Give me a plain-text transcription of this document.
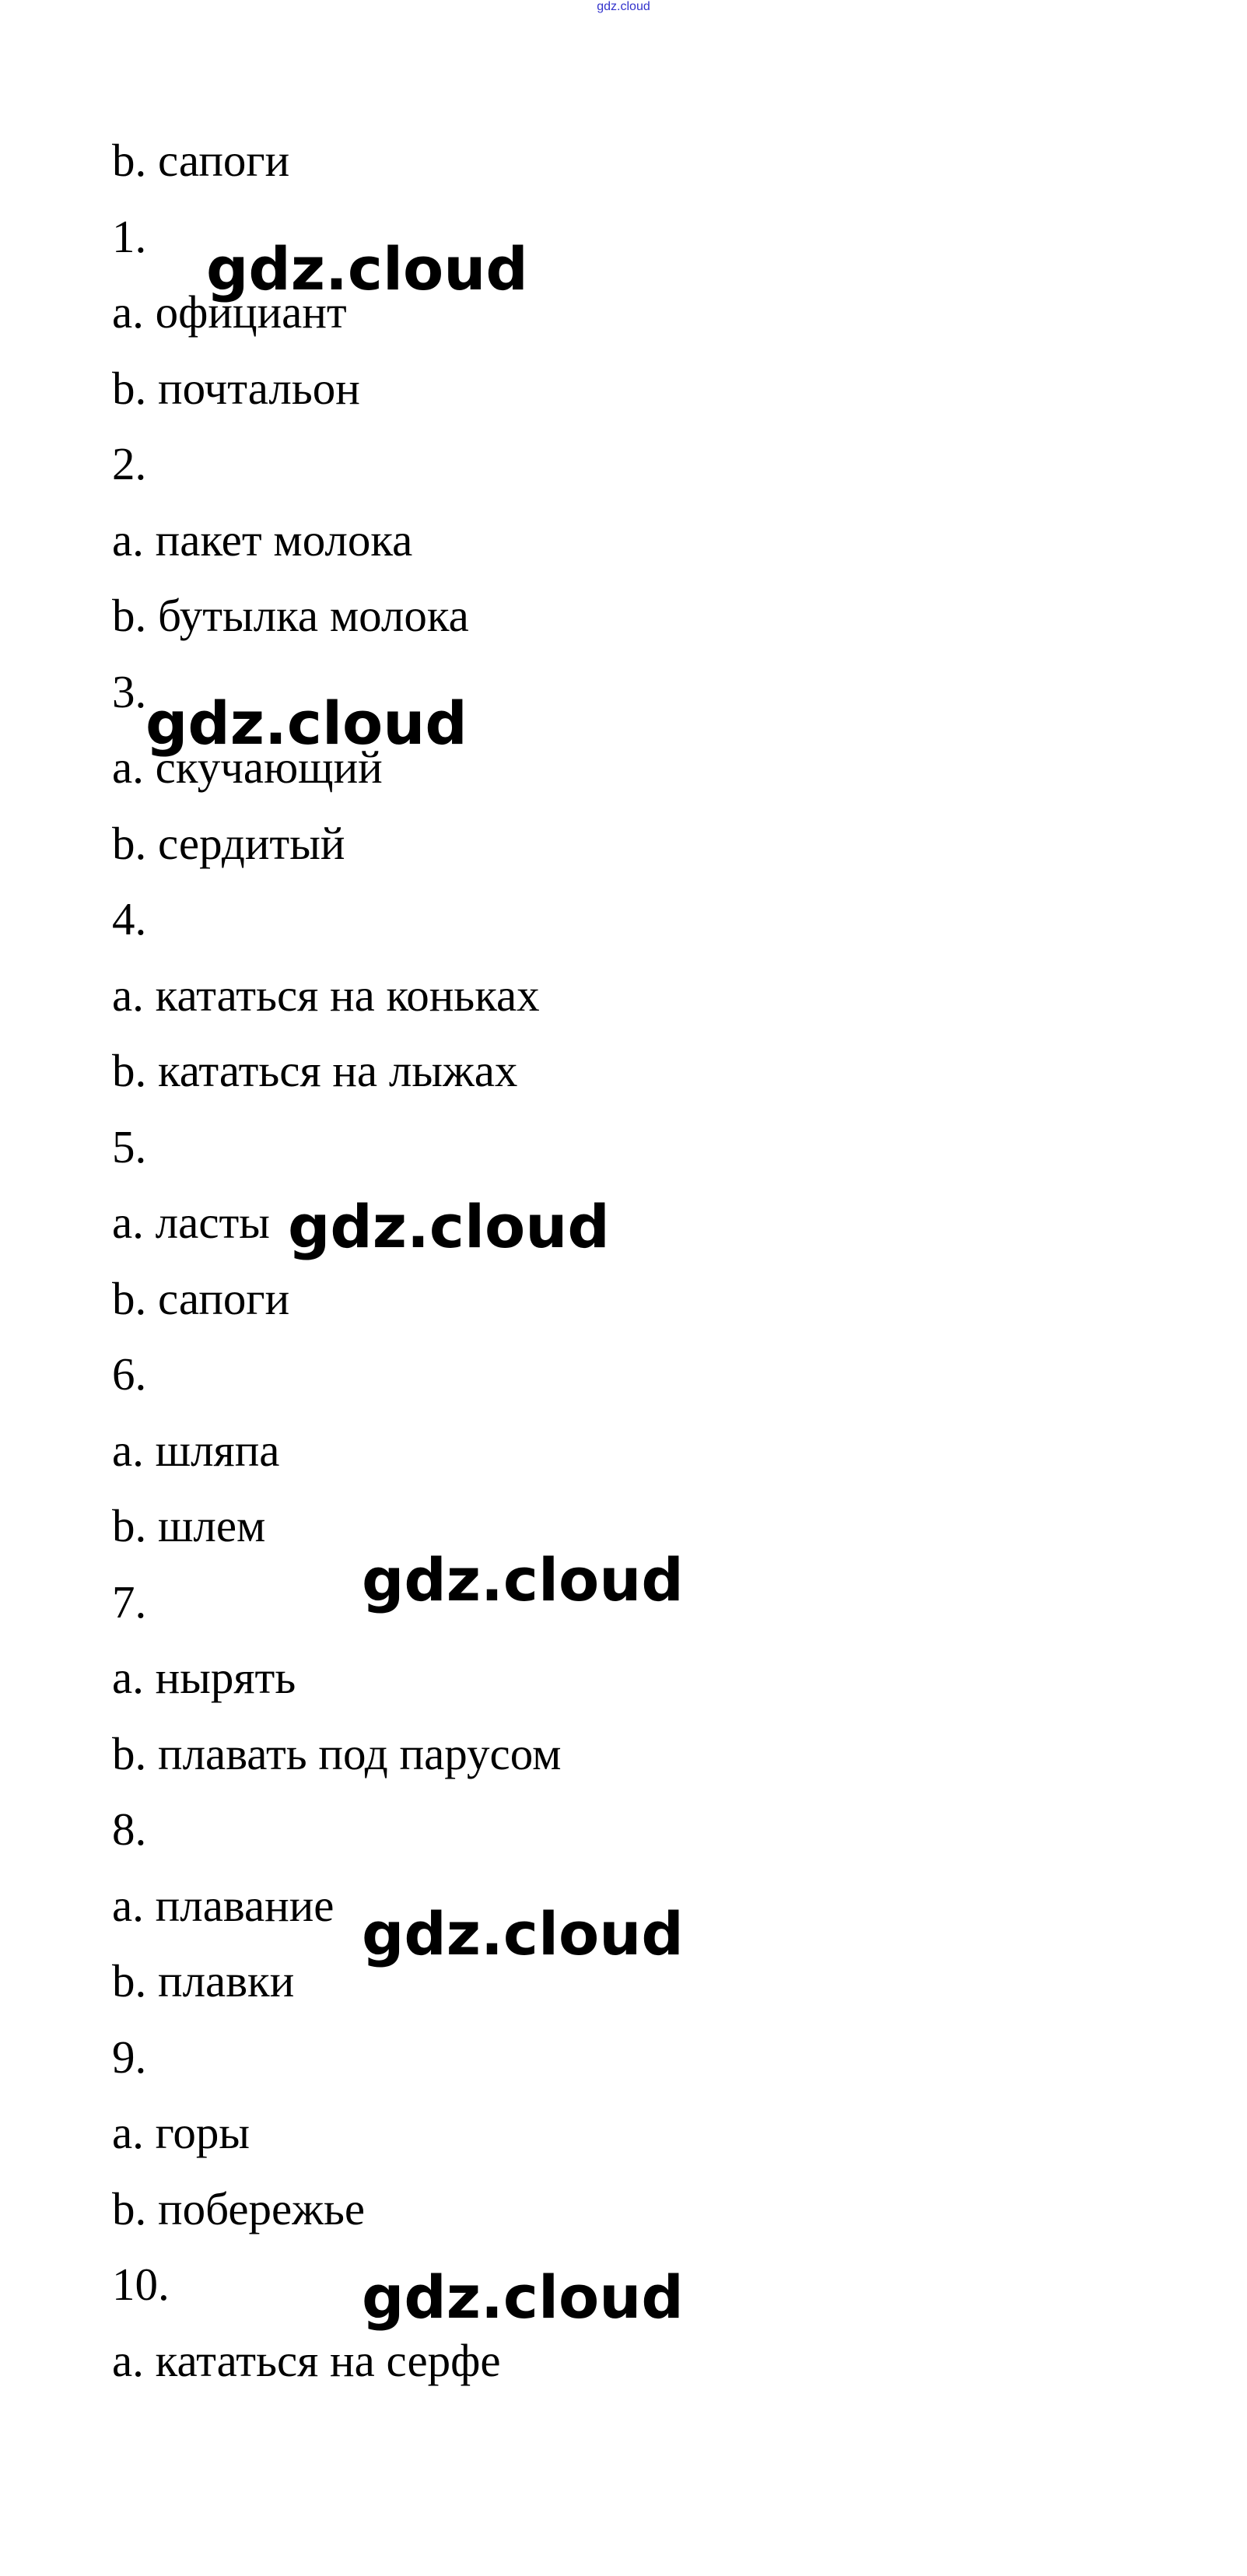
gdz.cloud
b. сапоги
1.
a. официант
b. почтальон
2.
a. пакет молока
b. бутылка молока
3.
a. скучающий
b. сердитый
4.
a. кататься на коньках
b. кататься на лыжах
5.
a. ласты
b. сапоги
6.
a. шляпа
b. шлем
7.
a. нырять
b. плавать под парусом
8.
a. плавание
b. плавки
9.
a. горы
b. побережье
10.
a. кататься на серфе
gdz.cloud
gdz.cloud
gdz.cloud
gdz.cloud
gdz.cloud
gdz.cloud
